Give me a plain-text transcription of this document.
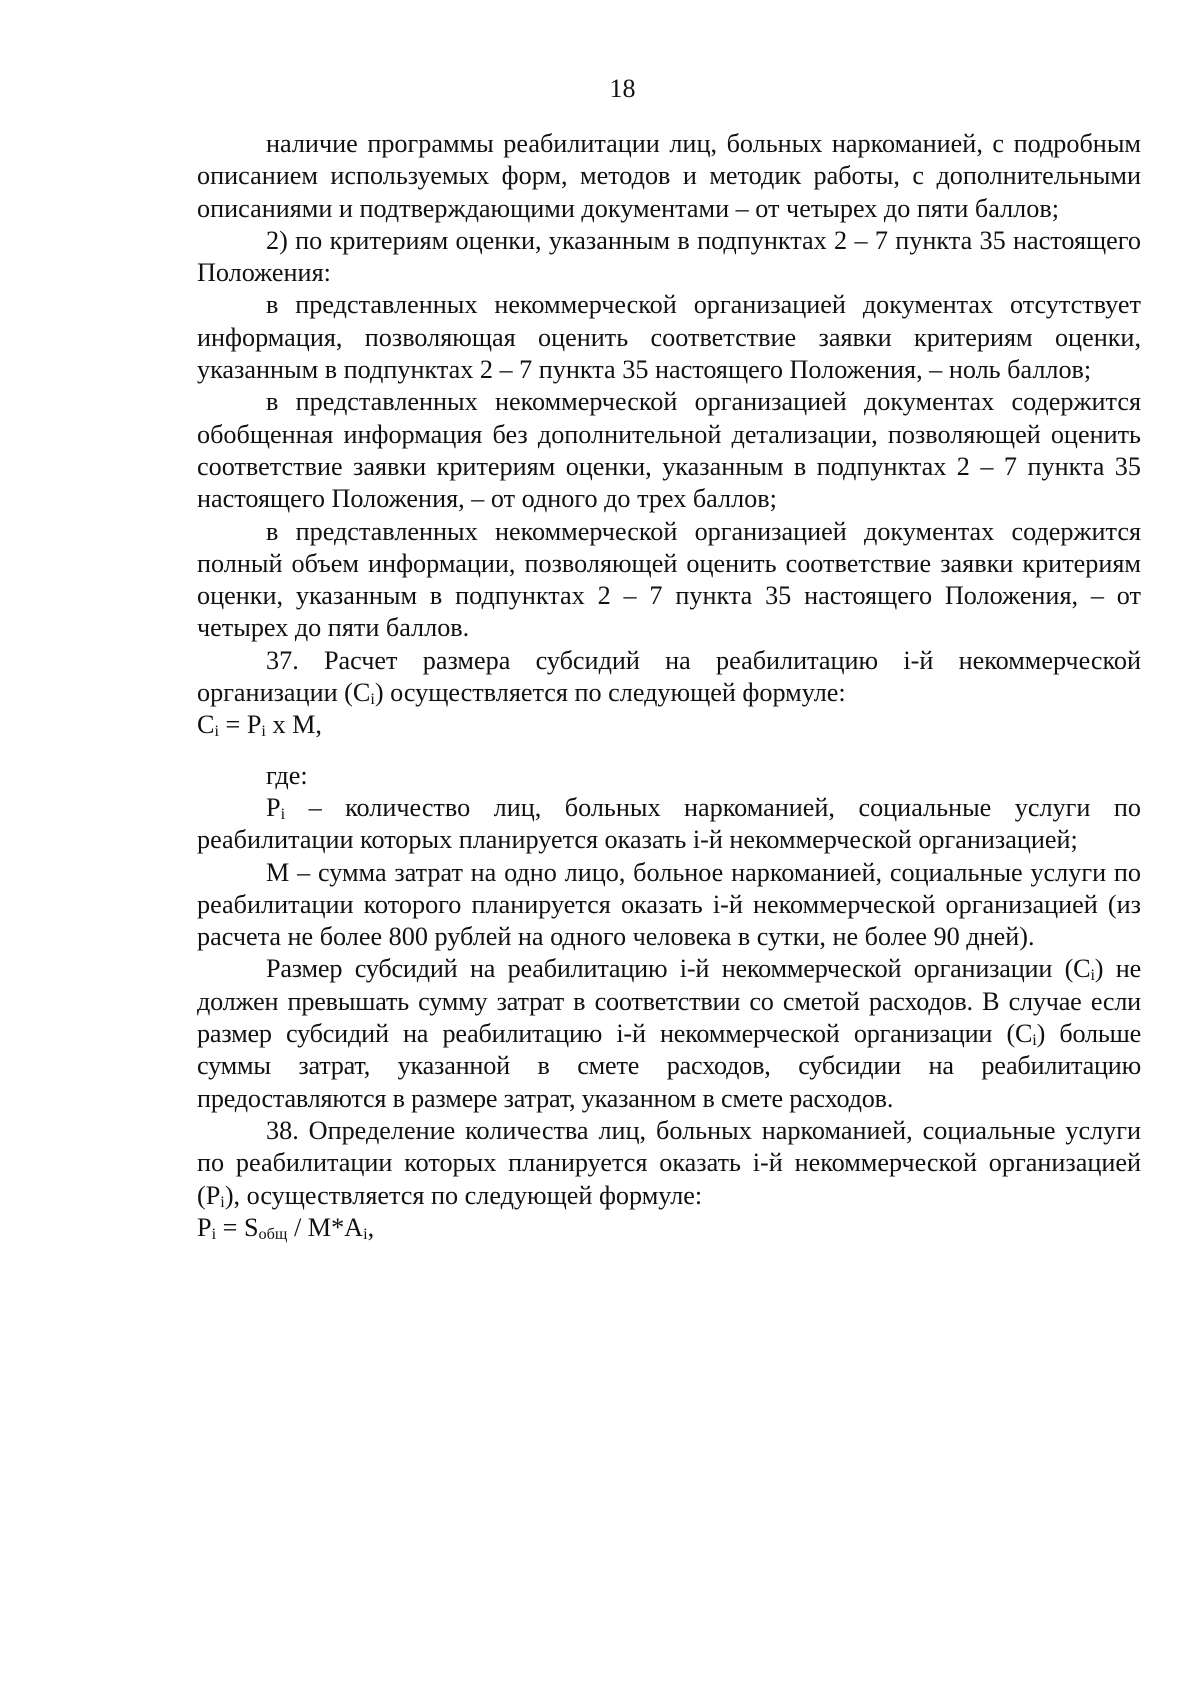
18

наличие программы реабилитации лиц, больных наркоманией, с подробным описанием используемых форм, методов и методик работы, с дополнительными описаниями и подтверждающими документами – от четырех до пяти баллов;

2) по критериям оценки, указанным в подпунктах 2 – 7 пункта 35 настоящего Положения:

в представленных некоммерческой организацией документах отсутствует информация, позволяющая оценить соответствие заявки критериям оценки, указанным в подпунктах 2 – 7 пункта 35 настоящего Положения, – ноль баллов;

в представленных некоммерческой организацией документах содержится обобщенная информация без дополнительной детализации, позволяющей оценить соответствие заявки критериям оценки, указанным в подпунктах 2 – 7 пункта 35 настоящего Положения, – от одного до трех баллов;

в представленных некоммерческой организацией документах содержится полный объем информации, позволяющей оценить соответствие заявки критериям оценки, указанным в подпунктах 2 – 7 пункта 35 настоящего Положения, – от четырех до пяти баллов.

37. Расчет размера субсидий на реабилитацию i-й некоммерческой организации (Сi) осуществляется по следующей формуле:

$С_i = Р_i$ x М,

где:

Рi – количество лиц, больных наркоманией, социальные услуги по реабилитации которых планируется оказать i-й некоммерческой организацией;

М – сумма затрат на одно лицо, больное наркоманией, социальные услуги по реабилитации которого планируется оказать i-й некоммерческой организацией (из расчета не более 800 рублей на одного человека в сутки, не более 90 дней).

Размер субсидий на реабилитацию i-й некоммерческой организации (Сi) не должен превышать сумму затрат в соответствии со сметой расходов. В случае если размер субсидий на реабилитацию i-й некоммерческой организации (Сi) больше суммы затрат, указанной в смете расходов, субсидии на реабилитацию предоставляются в размере затрат, указанном в смете расходов.

38. Определение количества лиц, больных наркоманией, социальные услуги по реабилитации которых планируется оказать i-й некоммерческой организацией (Рi), осуществляется по следующей формуле:

$Р_i = S_{общ} / М*А_i$,
